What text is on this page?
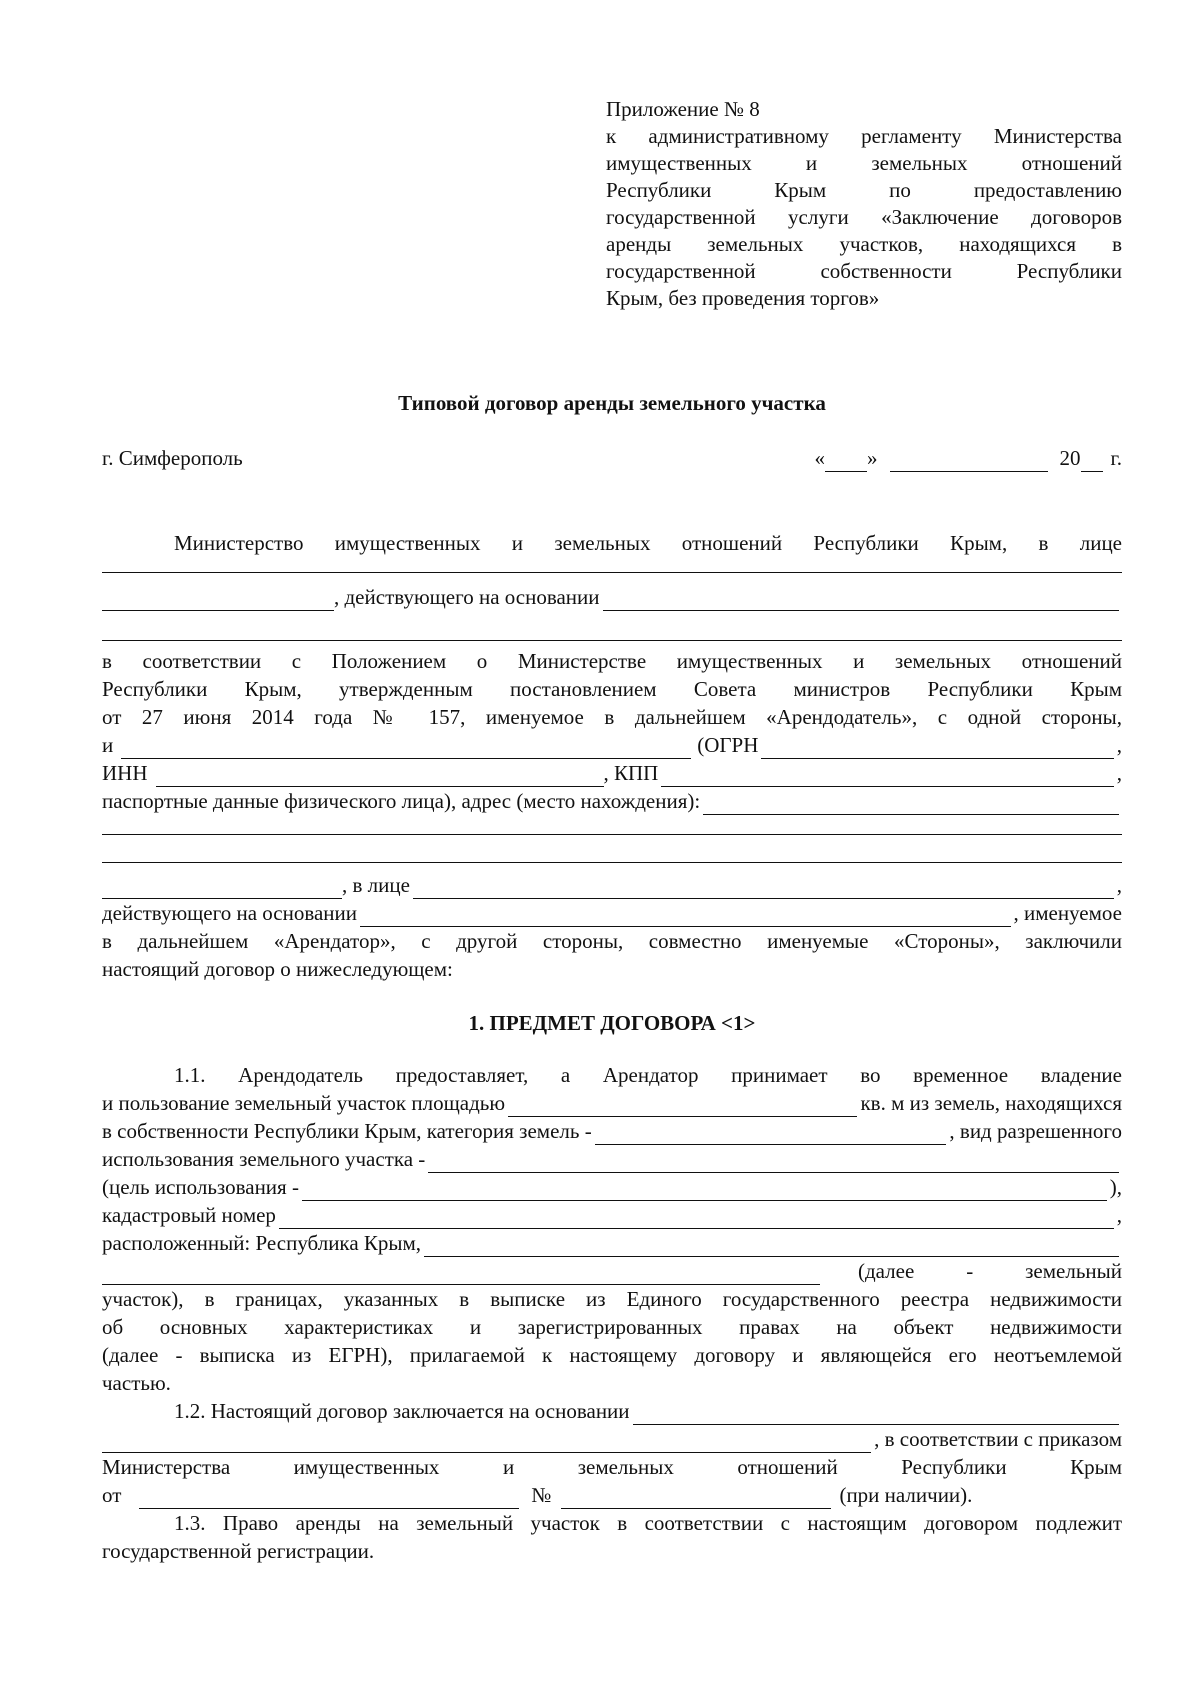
Приложение № 8
к административному регламенту Министерства
имущественных и земельных отношений
Республики Крым по предоставлению
государственной услуги «Заключение договоров
аренды земельных участков, находящихся в
государственной собственности Республики
Крым, без проведения торгов»
Типовой договор аренды земельного участка
г. Симферополь	« »	20 г.
Министерство имущественных и земельных отношений Республики Крым, в лице
, действующего на основании
в соответствии с Положением о Министерстве имущественных и земельных отношений
Республики Крым, утвержденным постановлением Совета министров Республики Крым
от 27 июня 2014 года № 157, именуемое в дальнейшем «Арендодатель», с одной стороны,
и	(ОГРН	,
ИНН	, КПП	,
паспортные данные физического лица), адрес (место нахождения):
, в лице	,
действующего на основании	, именуемое
в дальнейшем «Арендатор», с другой стороны, совместно именуемые «Стороны», заключили
настоящий договор о нижеследующем:
1. ПРЕДМЕТ ДОГОВОРА <1>
1.1. Арендодатель предоставляет, а Арендатор принимает во временное владение
и пользование земельный участок площадью	кв. м из земель, находящихся
в собственности Республики Крым, категория земель -	, вид разрешенного
использования земельного участка -
(цель использования -	),
кадастровый номер	,
расположенный: Республика Крым,
(далее - земельный
участок), в границах, указанных в выписке из Единого государственного реестра недвижимости
об основных характеристиках и зарегистрированных правах на объект недвижимости
(далее - выписка из ЕГРН), прилагаемой к настоящему договору и являющейся его неотъемлемой
частью.
1.2. Настоящий договор заключается на основании
, в соответствии с приказом
Министерства имущественных и земельных отношений Республики Крым
от	№	(при наличии).
1.3. Право аренды на земельный участок в соответствии с настоящим договором подлежит
государственной регистрации.
